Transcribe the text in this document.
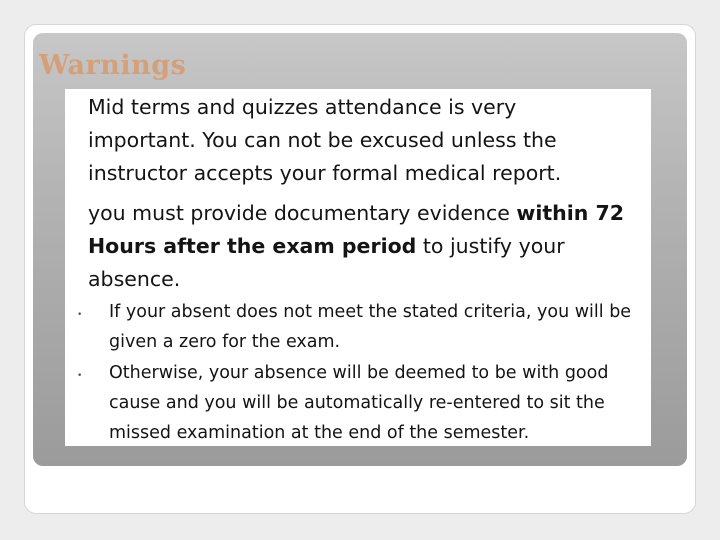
Warnings

Mid terms and quizzes attendance is very important. You can not be excused unless the instructor accepts your formal medical report.

you must provide documentary evidence within 72 Hours after the exam period to justify your absence.

• If your absent does not meet the stated criteria, you will be given a zero for the exam.

• Otherwise, your absence will be deemed to be with good cause and you will be automatically re-entered to sit the missed examination at the end of the semester.
